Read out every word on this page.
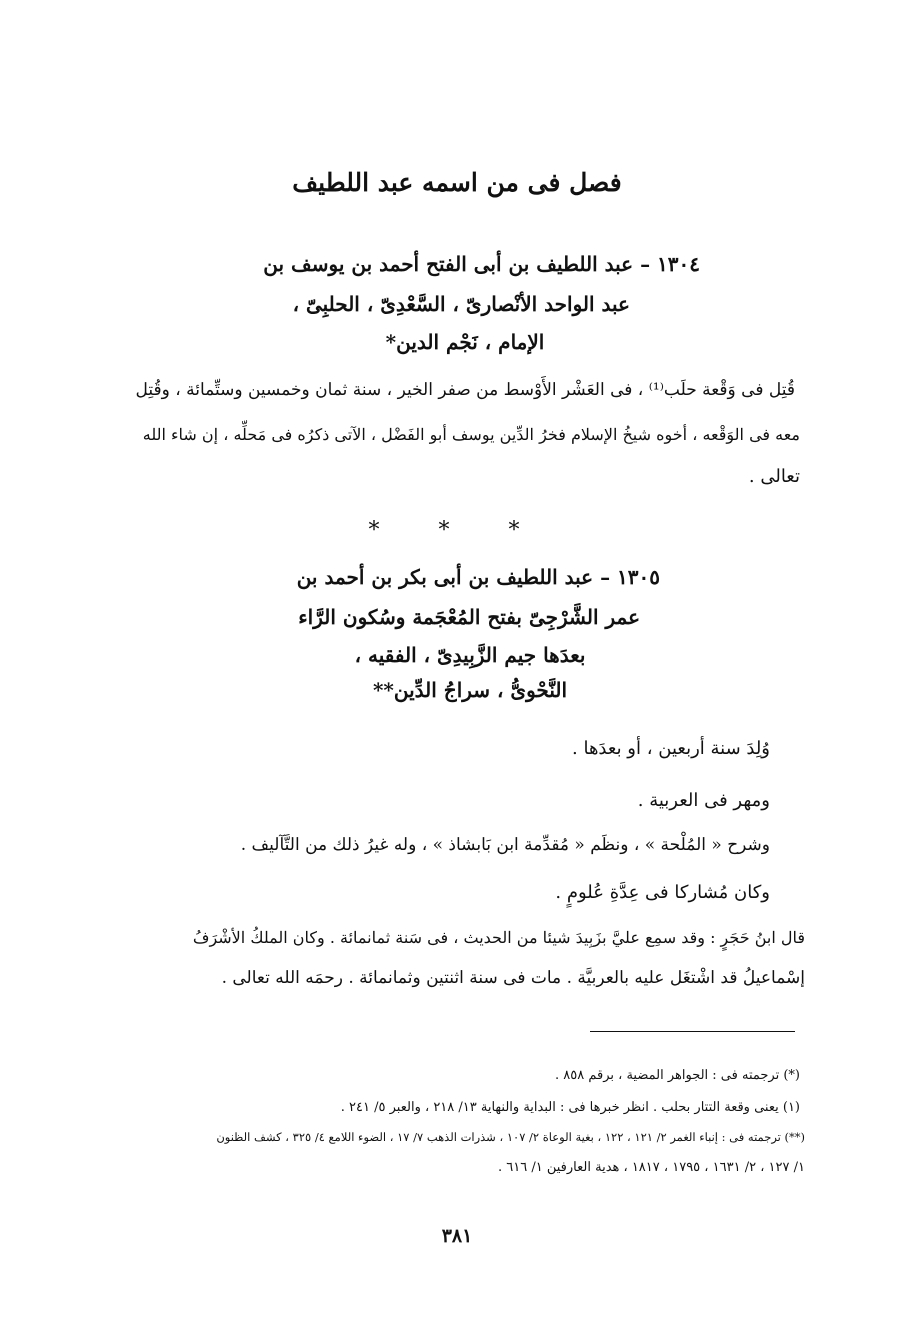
فصل فى من اسمه عبد اللطيف
١٣٠٤ – عبد اللطيف بن أبى الفتح أحمد بن يوسف بن
عبد الواحد الأنْصارىّ ، السَّعْدِىّ ، الحلبِىّ ،
الإمام ، نَجْم الدين*
قُتِل فى وَقْعة حلَب⁽¹⁾ ، فى العَشْر الأَوْسط من صفر الخير ، سنة ثمان وخمسين وستِّمائة ، وقُتِل
معه فى الوَقْعه ، أخوه شيخُ الإسلام فخرُ الدِّين يوسف أبو الفَضْل ، الآتى ذكرُه فى مَحلِّه ، إن شاء الله
تعالى .
* * *
١٣٠٥ – عبد اللطيف بن أبى بكر بن أحمد بن
عمر الشَّرْجِىّ بفتح المُعْجَمة وسُكون الرَّاء
بعدَها جيم الزَّبِيدِىّ ، الفقيه ،
النَّحْوىُّ ، سراجُ الدِّين**
وُلِدَ سنة أربعين ، أو بعدَها .
ومهر فى العربية .
وشرح « المُلْحة » ، ونظَم « مُقدِّمة ابن بَابشاذ » ، وله غيرُ ذلك من التَّآليف .
وكان مُشاركا فى عِدَّةِ عُلومٍ .
قال ابنُ حَجَرٍ : وقد سمِع عليَّ بزَبِيدَ شيئا من الحديث ، فى سَنة ثمانمائة . وكان الملكُ الأشْرَفُ
إسْماعيلُ قد اشْتغَل عليه بالعربيَّة . مات فى سنة اثنتين وثمانمائة . رحمَه الله تعالى .
(*) ترجمته فى : الجواهر المضية ، برقم ٨٥٨ .
(١) يعنى وقعة التتار بحلب . انظر خبرها فى : البداية والنهاية ١٣/ ٢١٨ ، والعبر ٥/ ٢٤١ .
(**) ترجمته فى : إنباء الغمر ٢/ ١٢١ ، ١٢٢ ، بغية الوعاة ٢/ ١٠٧ ، شذرات الذهب ٧/ ١٧ ، الضوء اللامع ٤/ ٣٢٥ ، كشف الظنون
١/ ١٢٧ ، ٢/ ١٦٣١ ، ١٧٩٥ ، ١٨١٧ ، هدية العارفين ١/ ٦١٦ .
٣٨١
